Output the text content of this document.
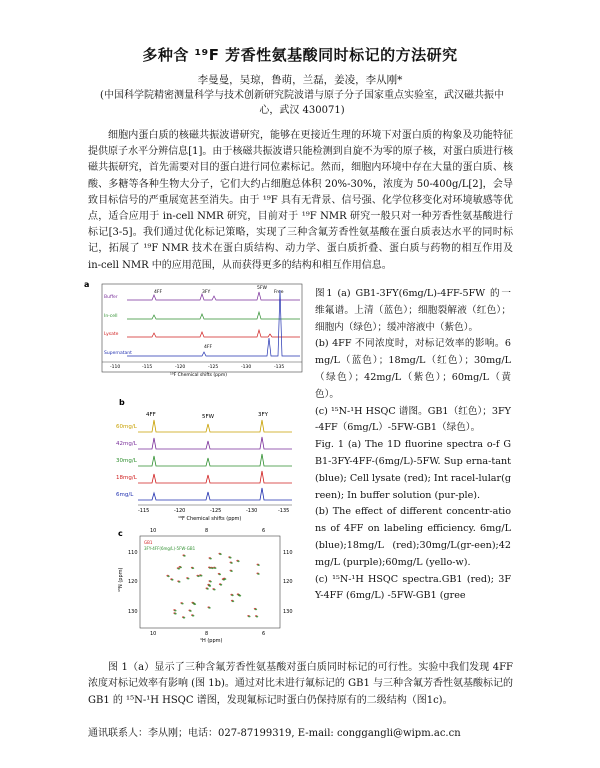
多种含 ¹⁹F 芳香性氨基酸同时标记的方法研究
李曼曼，吴琼，鲁萌，兰磊，姜凌，李从刚*
(中国科学院精密测量科学与技术创新研究院波谱与原子分子国家重点实验室，武汉磁共振中心，武汉 430071)
细胞内蛋白质的核磁共振波谱研究，能够在更接近生理的环境下对蛋白质的构象及功能特征提供原子水平分辨信息[1]。由于核磁共振波谱只能检测到自旋不为零的原子核，对蛋白质进行核磁共振研究，首先需要对目的蛋白进行同位素标记。然而，细胞内环境中存在大量的蛋白质、核酸、多糖等各种生物大分子，它们大约占细胞总体积 20%-30%，浓度为 50-400g/L[2]，会导致目标信号的严重展宽甚至消失。由于 ¹⁹F 具有无背景、信号强、化学位移变化对环境敏感等优点，适合应用于 in-cell NMR 研究，目前对于 ¹⁹F NMR 研究一般只对一种芳香性氨基酸进行标记[3-5]。我们通过优化标记策略，实现了三种含氟芳香性氨基酸在蛋白质表达水平的同时标记，拓展了 ¹⁹F NMR 技术在蛋白质结构、动力学、蛋白质折叠、蛋白质与药物的相互作用及 in-cell NMR 中的应用范围，从而获得更多的结构和相互作用信息。
a
4FF	3FY
5FW
4FF
Free
Buffer
In-cell
Lysate
Supernatant
-110	-115	-120	-125	-130	-135
¹⁹F Chemical shifts (ppm)
b
4FF	5FW	3FY
60mg/L
42mg/L
30mg/L
18mg/L
6mg/L
-115	-120	-125	-130	-135
¹⁹F Chemical shifts (ppm)
c	10	8	6
10	8	6
110
120
130
110
120
130
¹⁵N (ppm)
¹H (ppm)
GB1
3FY-4FF(6mg/L)-5FW-GB1

图1 (a) GB1-3FY(6mg/L)-4FF-5FW 的一维氟谱。上清（蓝色）；细胞裂解液（红色）；细胞内（绿色）；缓冲溶液中（紫色）。

(b) 4FF 不同浓度时，对标记效率的影响。6mg/L（蓝色）；18mg/L（红色）；30mg/L（绿色）；42mg/L（紫色）；60mg/L（黄色）。

(c) ¹⁵N-¹H HSQC 谱图。GB1（红色）；3FY-4FF（6mg/L）-5FW-GB1（绿色）。

Fig. 1 (a) The 1D fluorine spectra o-f GB1-3FY-4FF-(6mg/L)-5FW. Sup erna-tant(blue); Cell lysate (red); Int racel-lular(green); In buffer solution (pur-ple).

(b) The effect of different concentr-ations of 4FF on labeling efficiency. 6mg/L(blue);18mg/L (red);30mg/L(gr-een);42mg/L (purple);60mg/L (yello-w).

(c) ¹⁵N-¹H HSQC spectra.GB1 (red); 3FY-4FF (6mg/L) -5FW-GB1 (gree

图 1（a）显示了三种含氟芳香性氨基酸对蛋白质同时标记的可行性。实验中我们发现 4FF 浓度对标记效率有影响 (图 1b)。通过对比未进行氟标记的 GB1 与三种含氟芳香性氨基酸标记的 GB1 的 ¹⁵N-¹H HSQC 谱图，发现氟标记时蛋白仍保持原有的二级结构（图1c)。
通讯联系人：李从刚；电话：027-87199319, E-mail: conggangli@wipm.ac.cn
